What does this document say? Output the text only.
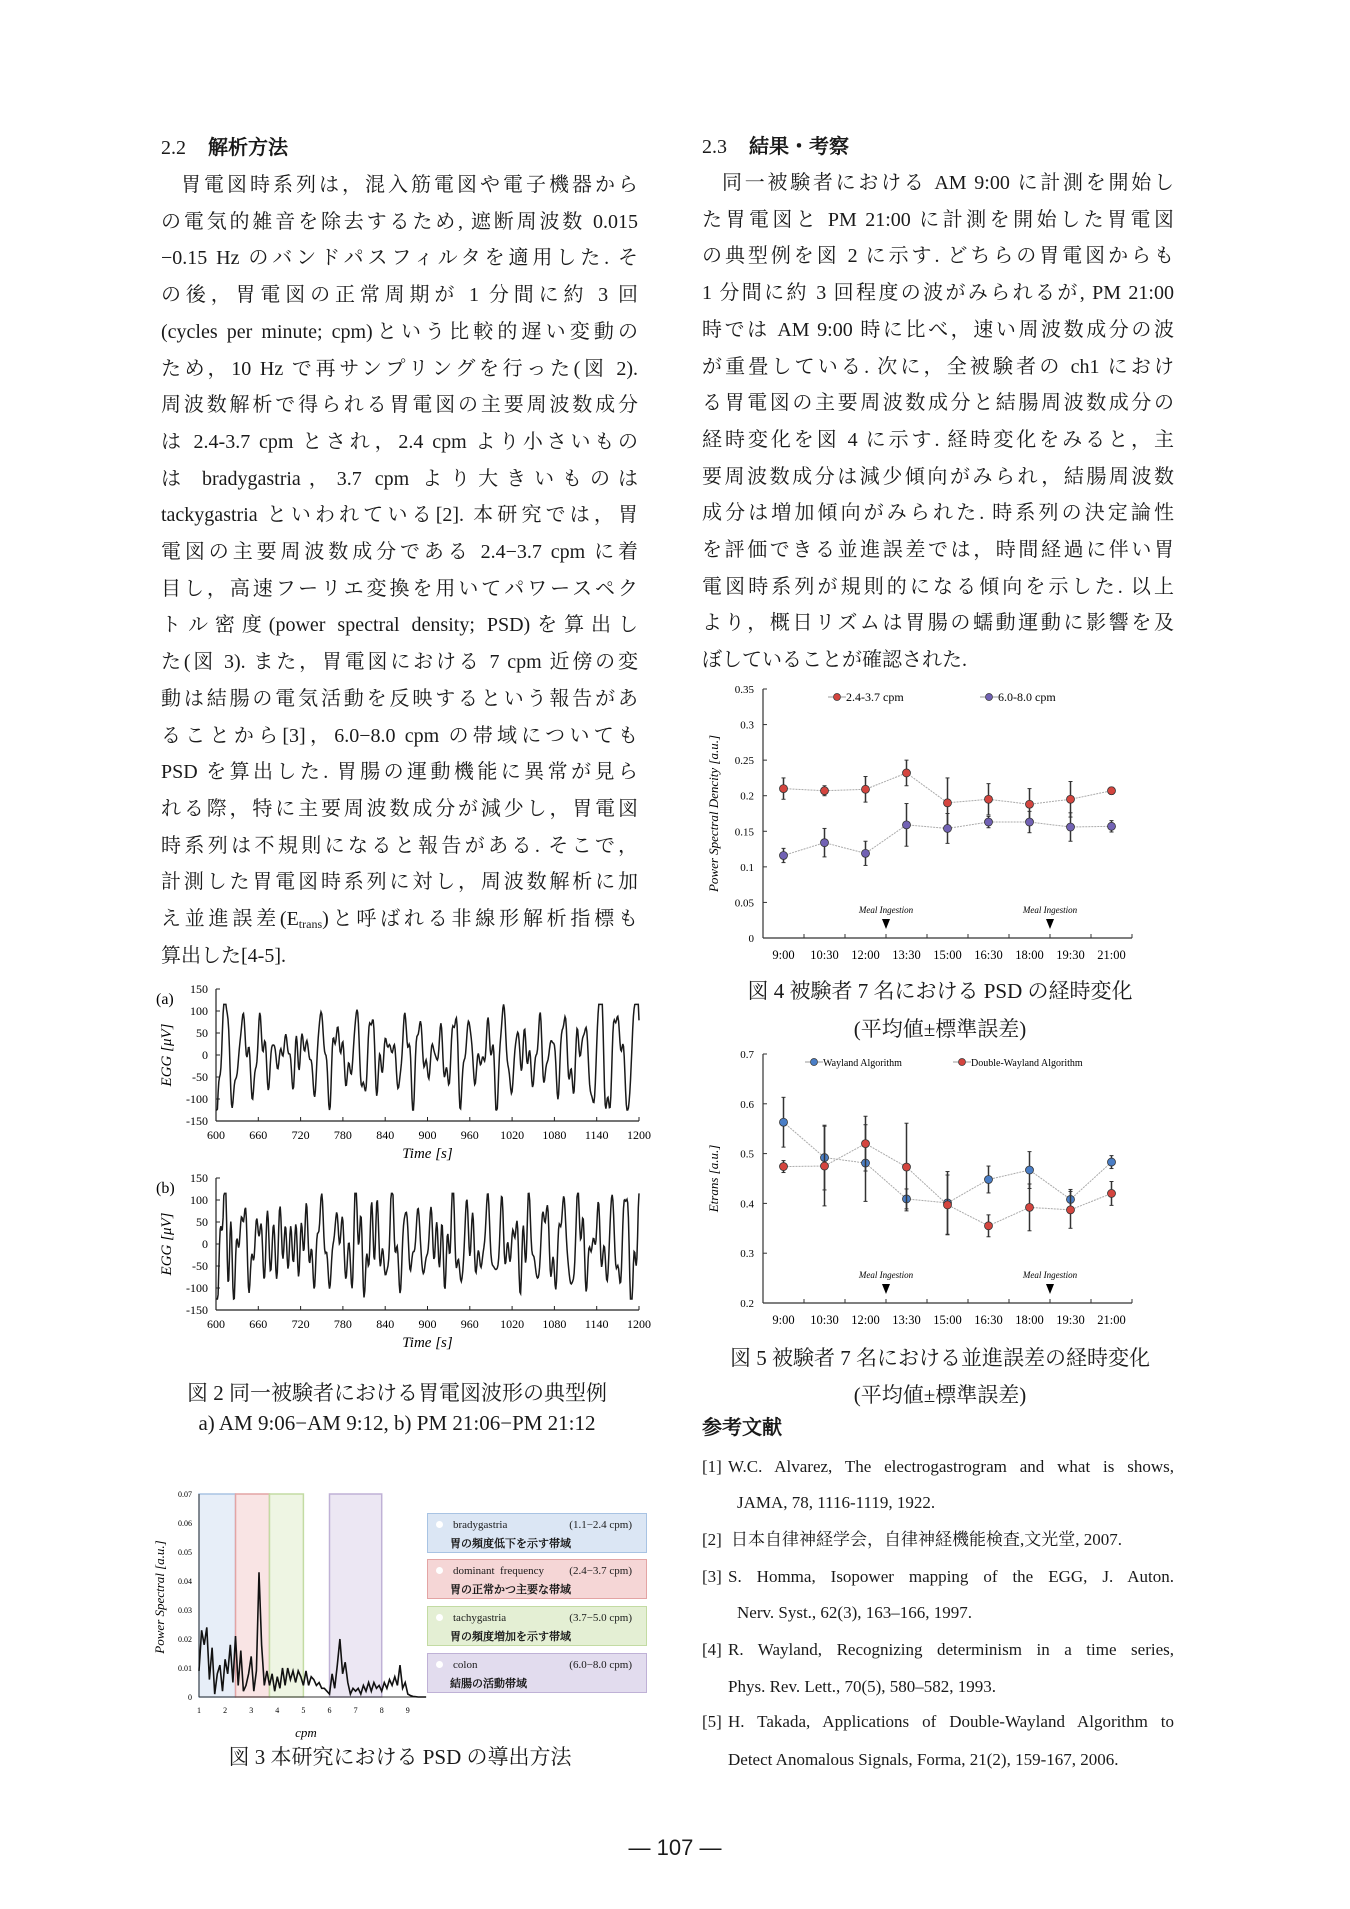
150
100
50
0
-50
-100
-150
600 660 720 780 840 900 960 1020 1080 1140 1200
Time [s]
EGG [μV]
(a)
150
100
50
0
-50
-100
-150
600 660 720 780 840 900 960 1020 1080 1140 1200
Time [s]
EGG [μV]
(b)
0.07
0.06
0.05
0.04
0.03
0.02
0.01
0
1	2	3	4	5	6	7	8	9
cpm
Power Spectral [a.u.]
0.35
0.3
0.25
0.2
0.15
0.1
0.05
0
9:00 10:30 12:00 13:30 15:00 16:30 18:00 19:30 21:00
Power Spectral Dencity [a.u.]
Meal Ingestion	Meal Ingestion
2.4-3.7 cpm	6.0-8.0 cpm
0.7
0.6
0.5
0.4
0.3
0.2
9:00 10:30 12:00 13:30 15:00 16:30 18:00 19:30 21:00
Etrans [a.u.]
Meal Ingestion	Meal Ingestion
Wayland Algorithm	Double-Wayland Algorithm
2.2 解析方法
胃電図時系列は，混入筋電図や電子機器から
の電気的雑音を除去するため, 遮断周波数 0.015
−0.15 Hz のバンドパスフィルタを適用した. そ
の後，胃電図の正常周期が 1 分間に約 3 回
(cycles per minute; cpm)という比較的遅い変動の
ため，10 Hz で再サンプリングを行った(図 2).
周波数解析で得られる胃電図の主要周波数成分
は 2.4-3.7 cpm とされ，2.4 cpm より小さいもの
は bradygastria，3.7 cpm より大きいものは
tackygastria といわれている[2]. 本研究では，胃
電図の主要周波数成分である 2.4−3.7 cpm に着
目し，高速フーリエ変換を用いてパワースペク
トル密度(power spectral density; PSD)を算出し
た(図 3). また，胃電図における 7 cpm 近傍の変
動は結腸の電気活動を反映するという報告があ
ることから[3]，6.0−8.0 cpm の帯域についても
PSD を算出した. 胃腸の運動機能に異常が見ら
れる際，特に主要周波数成分が減少し，胃電図
時系列は不規則になると報告がある. そこで，
計測した胃電図時系列に対し，周波数解析に加
え並進誤差$(E_{trans})$と呼ばれる非線形解析指標も
算出した[4-5].
2.3 結果・考察
同一被験者における AM 9:00 に計測を開始し
た胃電図と PM 21:00 に計測を開始した胃電図
の典型例を図 2 に示す. どちらの胃電図からも
1 分間に約 3 回程度の波がみられるが, PM 21:00
時では AM 9:00 時に比べ，速い周波数成分の波
が重畳している. 次に，全被験者の ch1 におけ
る胃電図の主要周波数成分と結腸周波数成分の
経時変化を図 4 に示す. 経時変化をみると，主
要周波数成分は減少傾向がみられ，結腸周波数
成分は増加傾向がみられた. 時系列の決定論性
を評価できる並進誤差では，時間経過に伴い胃
電図時系列が規則的になる傾向を示した. 以上
より，概日リズムは胃腸の蠕動運動に影響を及
ぼしていることが確認された.
図 2 同一被験者における胃電図波形の典型例
a) AM 9:06−AM 9:12, b) PM 21:06−PM 21:12
図 3 本研究における PSD の導出方法
図 4 被験者 7 名における PSD の経時変化
(平均値±標準誤差)
図 5 被験者 7 名における並進誤差の経時変化
(平均値±標準誤差)
bradygastria	(1.1−2.4 cpm)
胃の頻度低下を示す帯域
dominant  frequency (2.4−3.7 cpm)
胃の正常かつ主要な帯域
tachygastria	(3.7−5.0 cpm)
胃の頻度増加を示す帯域
colon	(6.0−8.0 cpm)
結腸の活動帯域
参考文献
[1] W.C. Alvarez, The electrogastrogram and what is shows,
JAMA, 78, 1116-1119, 1922.
[2] 日本自律神経学会，自律神経機能検査,文光堂, 2007.
[3] S. Homma, Isopower mapping of the EGG, J. Auton.
Nerv. Syst., 62(3), 163–166, 1997.
[4] R. Wayland, Recognizing determinism in a time series,
Phys. Rev. Lett., 70(5), 580–582, 1993.
[5] H. Takada, Applications of Double-Wayland Algorithm to
Detect Anomalous Signals, Forma, 21(2), 159-167, 2006.
— 107 —
